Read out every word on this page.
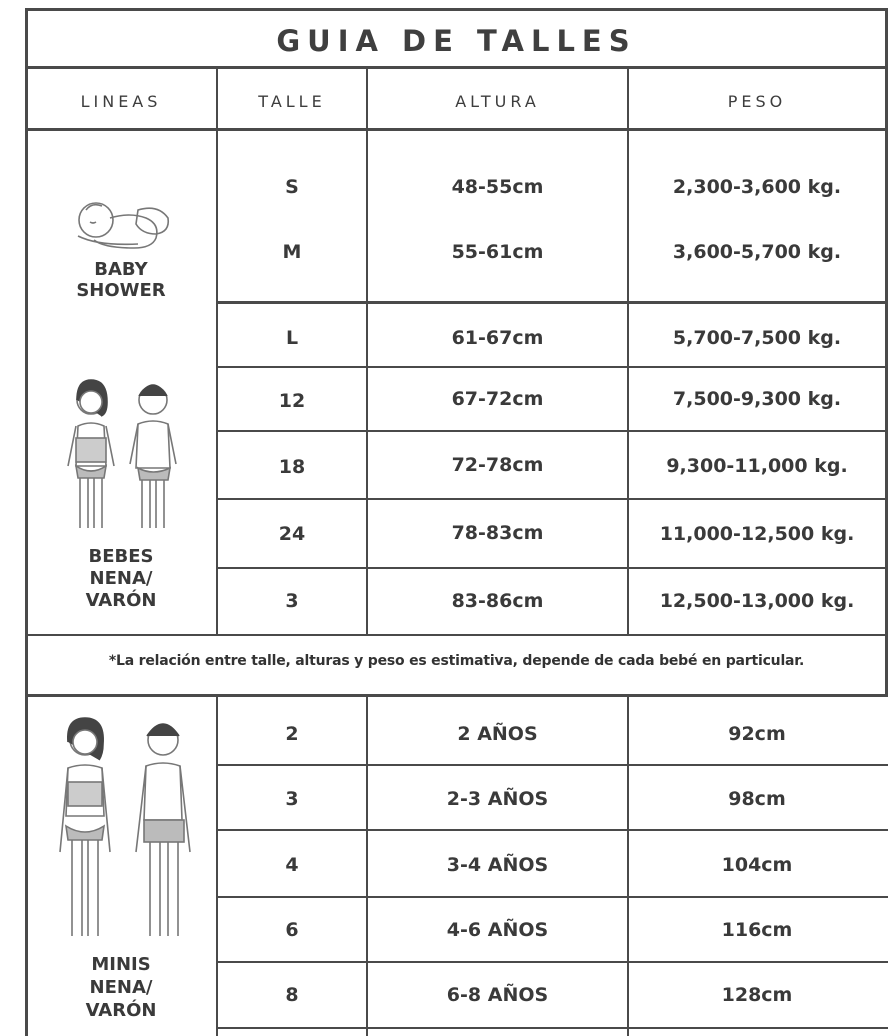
GUIA DE TALLES
LINEAS	TALLE	ALTURA	PESO
BABY
SHOWER
BEBES
NENA/
VARÓN
S	48-55cm	2,300-3,600 kg.
M	55-61cm	3,600-5,700 kg.
L	61-67cm	5,700-7,500 kg.
12	67-72cm	7,500-9,300 kg.
18	72-78cm	9,300-11,000 kg.
24	78-83cm	11,000-12,500 kg.
3	83-86cm	12,500-13,000 kg.
*La relación entre talle, alturas y peso es estimativa, depende de cada bebé en particular.
MINIS
NENA/
VARÓN
2	2 AÑOS	92cm
3	2-3 AÑOS	98cm
4	3-4 AÑOS	104cm
6	4-6 AÑOS	116cm
8	6-8 AÑOS	128cm
